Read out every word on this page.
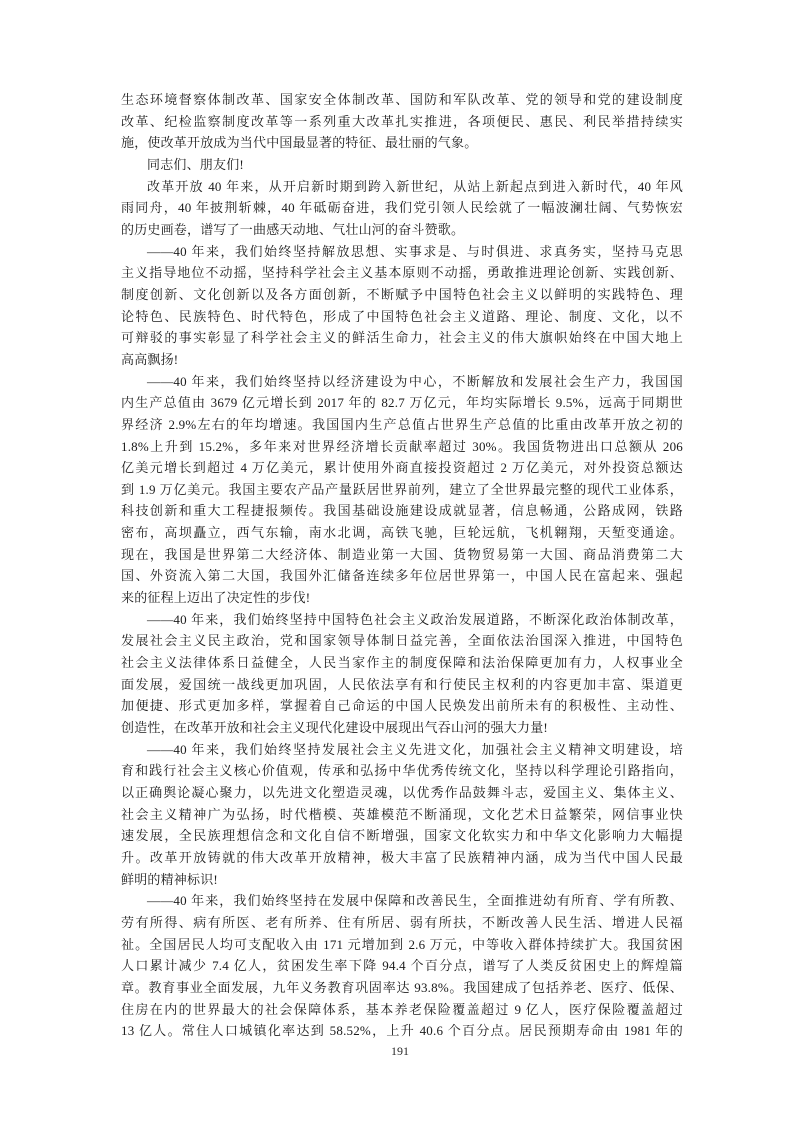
生态环境督察体制改革、国家安全体制改革、国防和军队改革、党的领导和党的建设制度
改革、纪检监察制度改革等一系列重大改革扎实推进，各项便民、惠民、利民举措持续实
施，使改革开放成为当代中国最显著的特征、最壮丽的气象。
同志们、朋友们!
改革开放 40 年来，从开启新时期到跨入新世纪，从站上新起点到进入新时代，40 年风
雨同舟，40 年披荆斩棘，40 年砥砺奋进，我们党引领人民绘就了一幅波澜壮阔、气势恢宏
的历史画卷，谱写了一曲感天动地、气壮山河的奋斗赞歌。
——40 年来，我们始终坚持解放思想、实事求是、与时俱进、求真务实，坚持马克思
主义指导地位不动摇，坚持科学社会主义基本原则不动摇，勇敢推进理论创新、实践创新、
制度创新、文化创新以及各方面创新，不断赋予中国特色社会主义以鲜明的实践特色、理
论特色、民族特色、时代特色，形成了中国特色社会主义道路、理论、制度、文化，以不
可辩驳的事实彰显了科学社会主义的鲜活生命力，社会主义的伟大旗帜始终在中国大地上
高高飘扬!
——40 年来，我们始终坚持以经济建设为中心，不断解放和发展社会生产力，我国国
内生产总值由 3679 亿元增长到 2017 年的 82.7 万亿元，年均实际增长 9.5%，远高于同期世
界经济 2.9%左右的年均增速。我国国内生产总值占世界生产总值的比重由改革开放之初的
1.8%上升到 15.2%，多年来对世界经济增长贡献率超过 30%。我国货物进出口总额从 206
亿美元增长到超过 4 万亿美元，累计使用外商直接投资超过 2 万亿美元，对外投资总额达
到 1.9 万亿美元。我国主要农产品产量跃居世界前列，建立了全世界最完整的现代工业体系，
科技创新和重大工程捷报频传。我国基础设施建设成就显著，信息畅通，公路成网，铁路
密布，高坝矗立，西气东输，南水北调，高铁飞驰，巨轮远航，飞机翱翔，天堑变通途。
现在，我国是世界第二大经济体、制造业第一大国、货物贸易第一大国、商品消费第二大
国、外资流入第二大国，我国外汇储备连续多年位居世界第一，中国人民在富起来、强起
来的征程上迈出了决定性的步伐!
——40 年来，我们始终坚持中国特色社会主义政治发展道路，不断深化政治体制改革，
发展社会主义民主政治，党和国家领导体制日益完善，全面依法治国深入推进，中国特色
社会主义法律体系日益健全，人民当家作主的制度保障和法治保障更加有力，人权事业全
面发展，爱国统一战线更加巩固，人民依法享有和行使民主权利的内容更加丰富、渠道更
加便捷、形式更加多样，掌握着自己命运的中国人民焕发出前所未有的积极性、主动性、
创造性，在改革开放和社会主义现代化建设中展现出气吞山河的强大力量!
——40 年来，我们始终坚持发展社会主义先进文化，加强社会主义精神文明建设，培
育和践行社会主义核心价值观，传承和弘扬中华优秀传统文化，坚持以科学理论引路指向，
以正确舆论凝心聚力，以先进文化塑造灵魂，以优秀作品鼓舞斗志，爱国主义、集体主义、
社会主义精神广为弘扬，时代楷模、英雄模范不断涌现，文化艺术日益繁荣，网信事业快
速发展，全民族理想信念和文化自信不断增强，国家文化软实力和中华文化影响力大幅提
升。改革开放铸就的伟大改革开放精神，极大丰富了民族精神内涵，成为当代中国人民最
鲜明的精神标识!
——40 年来，我们始终坚持在发展中保障和改善民生，全面推进幼有所育、学有所教、
劳有所得、病有所医、老有所养、住有所居、弱有所扶，不断改善人民生活、增进人民福
祉。全国居民人均可支配收入由 171 元增加到 2.6 万元，中等收入群体持续扩大。我国贫困
人口累计减少 7.4 亿人，贫困发生率下降 94.4 个百分点，谱写了人类反贫困史上的辉煌篇
章。教育事业全面发展，九年义务教育巩固率达 93.8%。我国建成了包括养老、医疗、低保、
住房在内的世界最大的社会保障体系，基本养老保险覆盖超过 9 亿人，医疗保险覆盖超过
13 亿人。常住人口城镇化率达到 58.52%，上升 40.6 个百分点。居民预期寿命由 1981 年的
191
